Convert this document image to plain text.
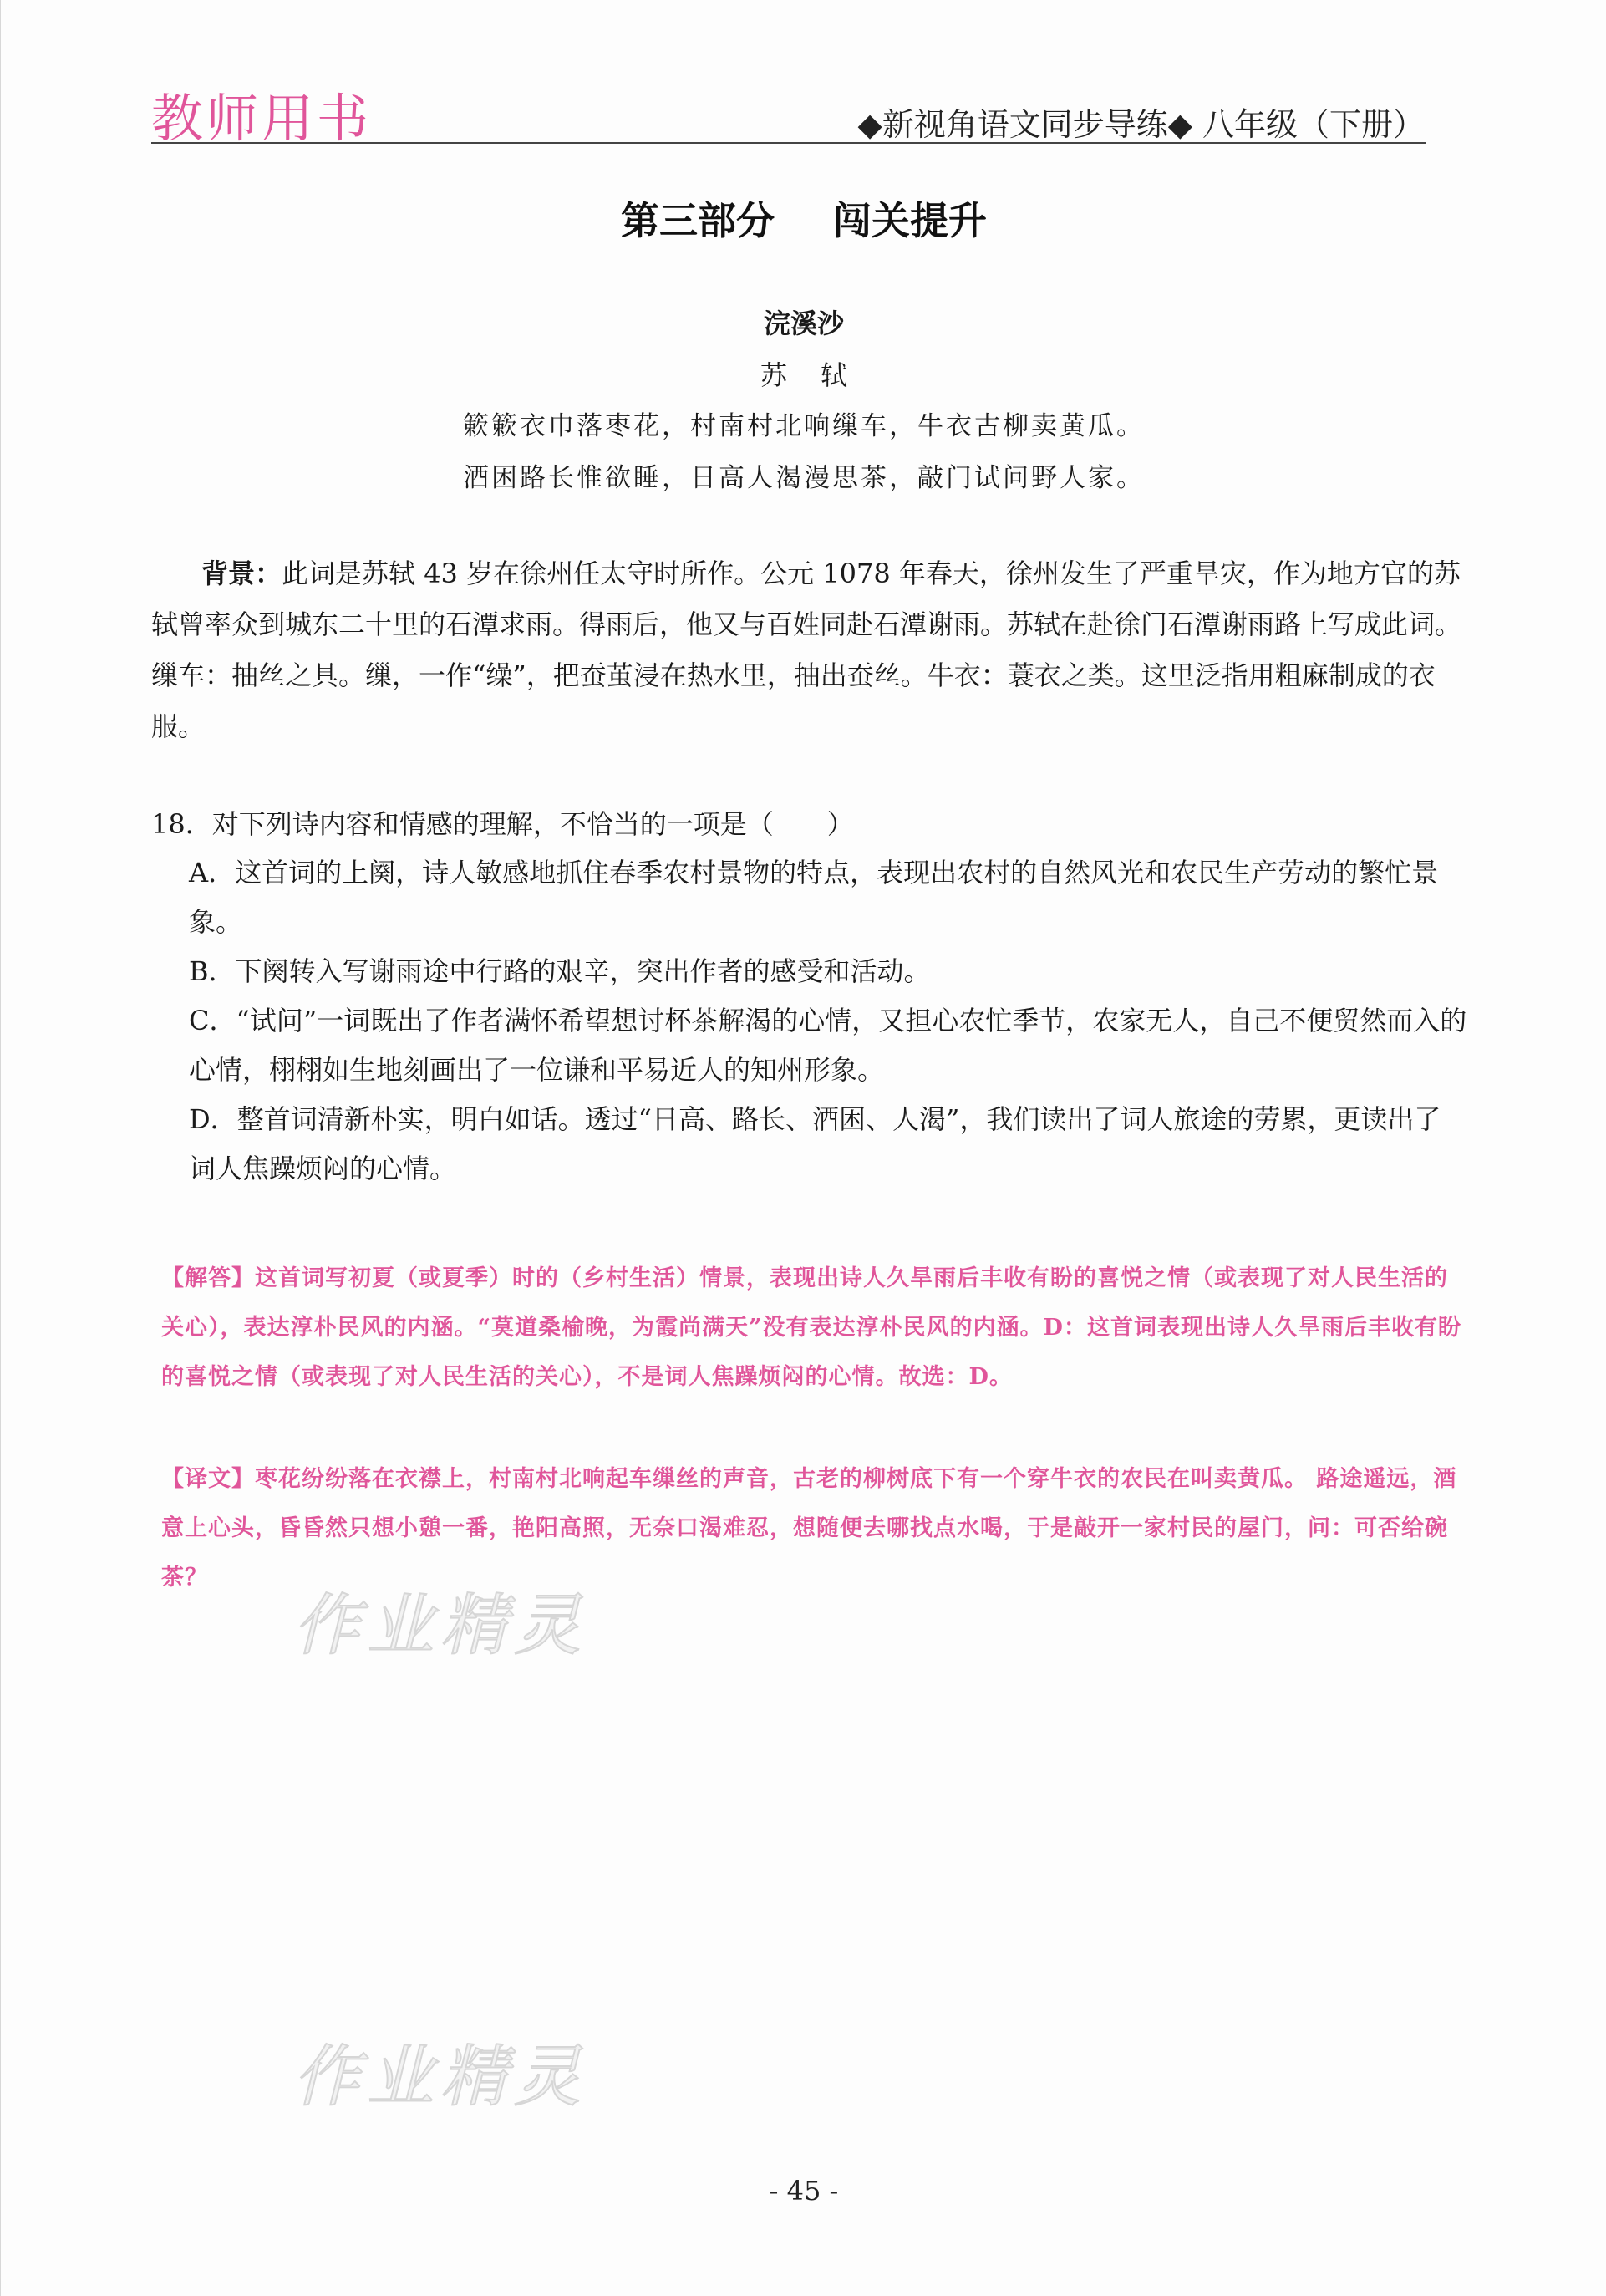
教师用书	◆新视角语文同步导练◆ 八年级（下册）
第三部分 闯关提升
浣溪沙
苏轼
簌簌衣巾落枣花，村南村北响缫车，牛衣古柳卖黄瓜。
酒困路长惟欲睡，日高人渴漫思茶，敲门试问野人家。
背景：此词是苏轼 43 岁在徐州任太守时所作。公元 1078 年春天，徐州发生了严重旱灾，作为地方官的苏轼曾率众到城东二十里的石潭求雨。得雨后，他又与百姓同赴石潭谢雨。苏轼在赴徐门石潭谢雨路上写成此词。 缫车：抽丝之具。缫，一作“缲”，把蚕茧浸在热水里，抽出蚕丝。牛衣：蓑衣之类。这里泛指用粗麻制成的衣服。
18．对下列诗内容和情感的理解，不恰当的一项是（　　）

A．这首词的上阕，诗人敏感地抓住春季农村景物的特点，表现出农村的自然风光和农民生产劳动的繁忙景象。

B．下阕转入写谢雨途中行路的艰辛，突出作者的感受和活动。

C．“试问”一词既出了作者满怀希望想讨杯茶解渴的心情，又担心农忙季节，农家无人，自己不便贸然而入的心情，栩栩如生地刻画出了一位谦和平易近人的知州形象。

D．整首词清新朴实，明白如话。透过“日高、路长、酒困、人渴”，我们读出了词人旅途的劳累，更读出了词人焦躁烦闷的心情。

【解答】这首词写初夏（或夏季）时的（乡村生活）情景，表现出诗人久旱雨后丰收有盼的喜悦之情（或表现了对人民生活的关心），表达淳朴民风的内涵。“莫道桑榆晚，为霞尚满天”没有表达淳朴民风的内涵。D：这首词表现出诗人久旱雨后丰收有盼的喜悦之情（或表现了对人民生活的关心），不是词人焦躁烦闷的心情。故选：D。
【译文】枣花纷纷落在衣襟上，村南村北响起车缫丝的声音，古老的柳树底下有一个穿牛衣的农民在叫卖黄瓜。 路途遥远，酒意上心头，昏昏然只想小憩一番，艳阳高照，无奈口渴难忍，想随便去哪找点水喝，于是敲开一家村民的屋门，问：可否给碗茶？
作业精灵
作业精灵
- 45 -
